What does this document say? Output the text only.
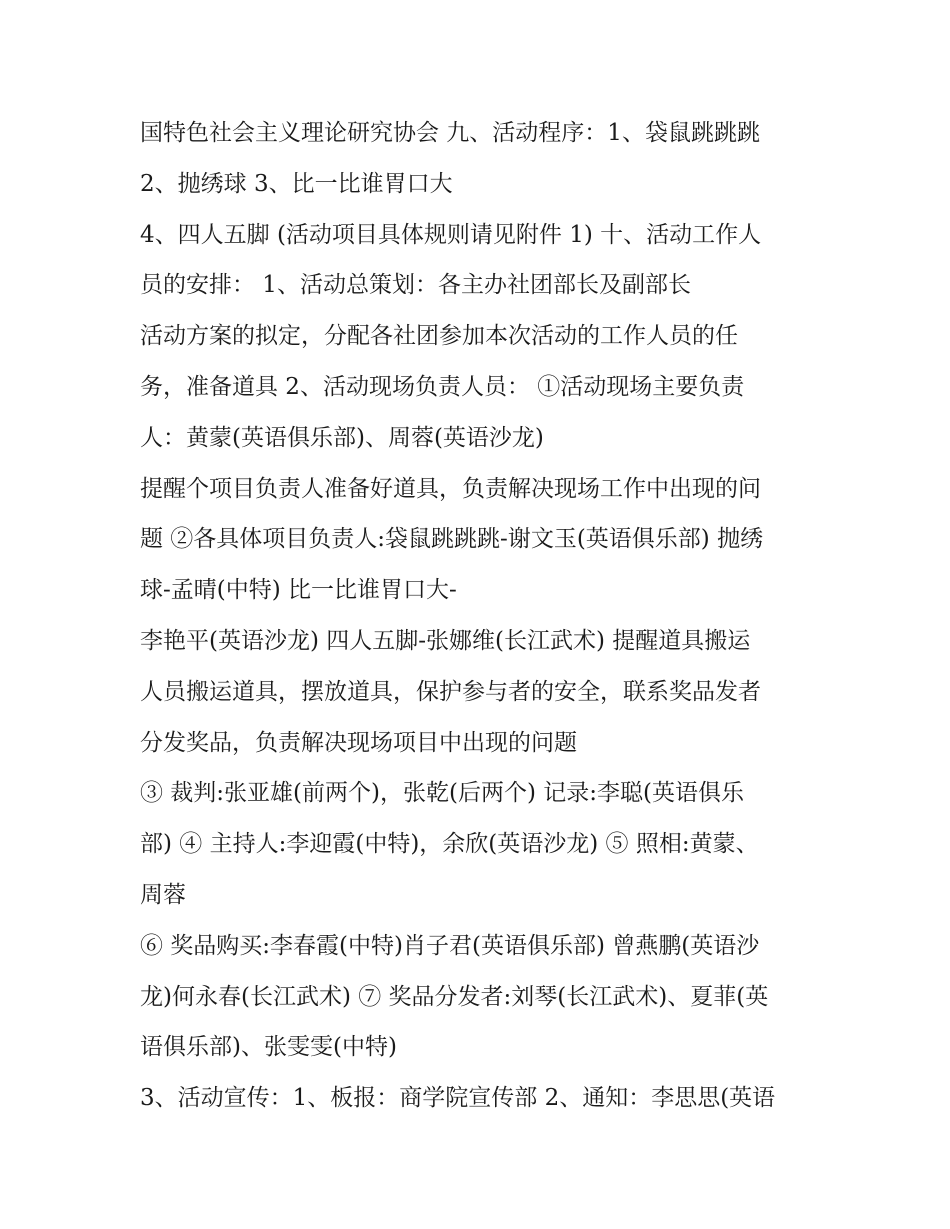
国特色社会主义理论研究协会 九、活动程序：1、袋鼠跳跳跳
2、抛绣球 3、比一比谁胃口大
4、四人五脚 (活动项目具体规则请见附件 1) 十、活动工作人
员的安排： 1、活动总策划：各主办社团部长及副部长
活动方案的拟定，分配各社团参加本次活动的工作人员的任
务，准备道具 2、活动现场负责人员： ①活动现场主要负责
人：黄蒙(英语俱乐部)、周蓉(英语沙龙)
提醒个项目负责人准备好道具，负责解决现场工作中出现的问
题 ②各具体项目负责人:袋鼠跳跳跳-谢文玉(英语俱乐部) 抛绣
球-孟晴(中特) 比一比谁胃口大-
李艳平(英语沙龙) 四人五脚-张娜维(长江武术) 提醒道具搬运
人员搬运道具，摆放道具，保护参与者的安全，联系奖品发者
分发奖品，负责解决现场项目中出现的问题
③ 裁判:张亚雄(前两个)，张乾(后两个) 记录:李聪(英语俱乐
部) ④ 主持人:李迎霞(中特)，余欣(英语沙龙) ⑤ 照相:黄蒙、
周蓉
⑥ 奖品购买:李春霞(中特)肖子君(英语俱乐部) 曾燕鹏(英语沙
龙)何永春(长江武术) ⑦ 奖品分发者:刘琴(长江武术)、夏菲(英
语俱乐部)、张雯雯(中特)
3、活动宣传：1、板报：商学院宣传部 2、通知：李思思(英语
